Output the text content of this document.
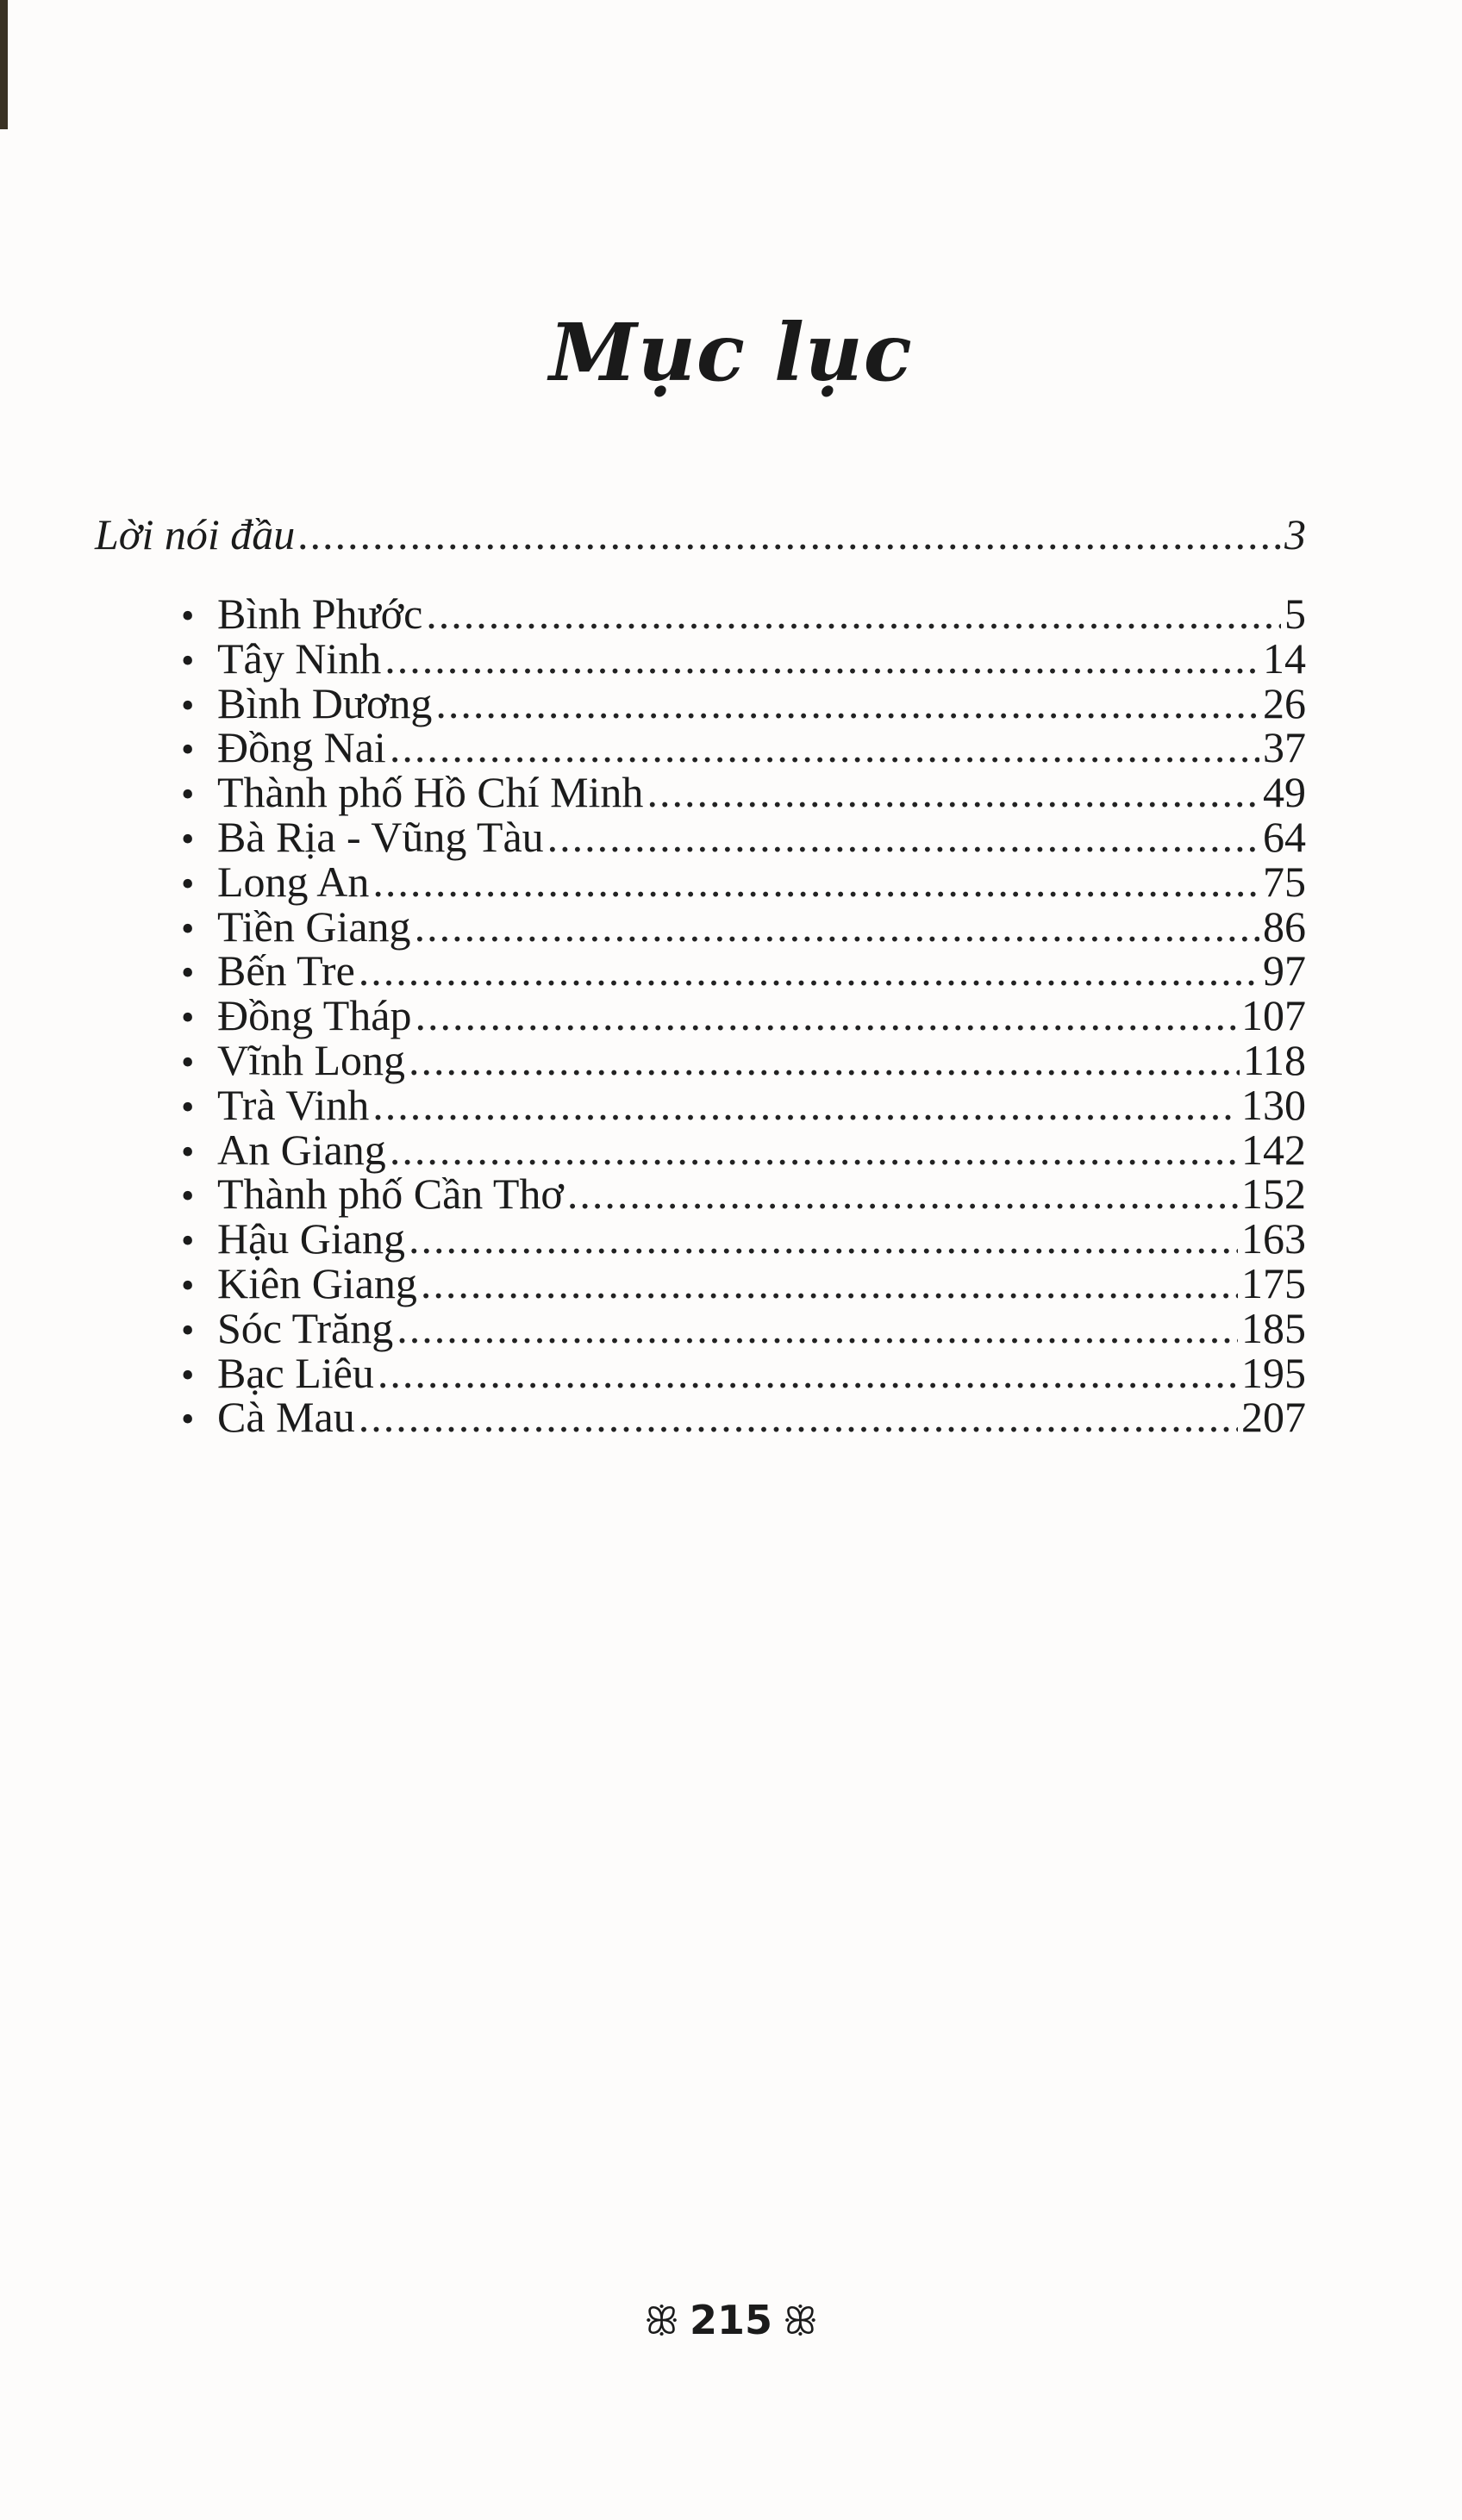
Mục lục
Lời nói đầu .....	3
• Bình Phước .....	5
• Tây Ninh .....	14
• Bình Dương .....	26
• Đồng Nai .....	37
• Thành phố Hồ Chí Minh .....	49
• Bà Rịa - Vũng Tàu .....	64
• Long An .....	75
• Tiền Giang .....	86
• Bến Tre .....	97
• Đồng Tháp .....	107
• Vĩnh Long .....	118
• Trà Vinh .....	130
• An Giang .....	142
• Thành phố Cần Thơ .....	152
• Hậu Giang .....	163
• Kiên Giang .....	175
• Sóc Trăng .....	185
• Bạc Liêu .....	195
• Cà Mau .....	207
ꕥ 215 ꕥ
